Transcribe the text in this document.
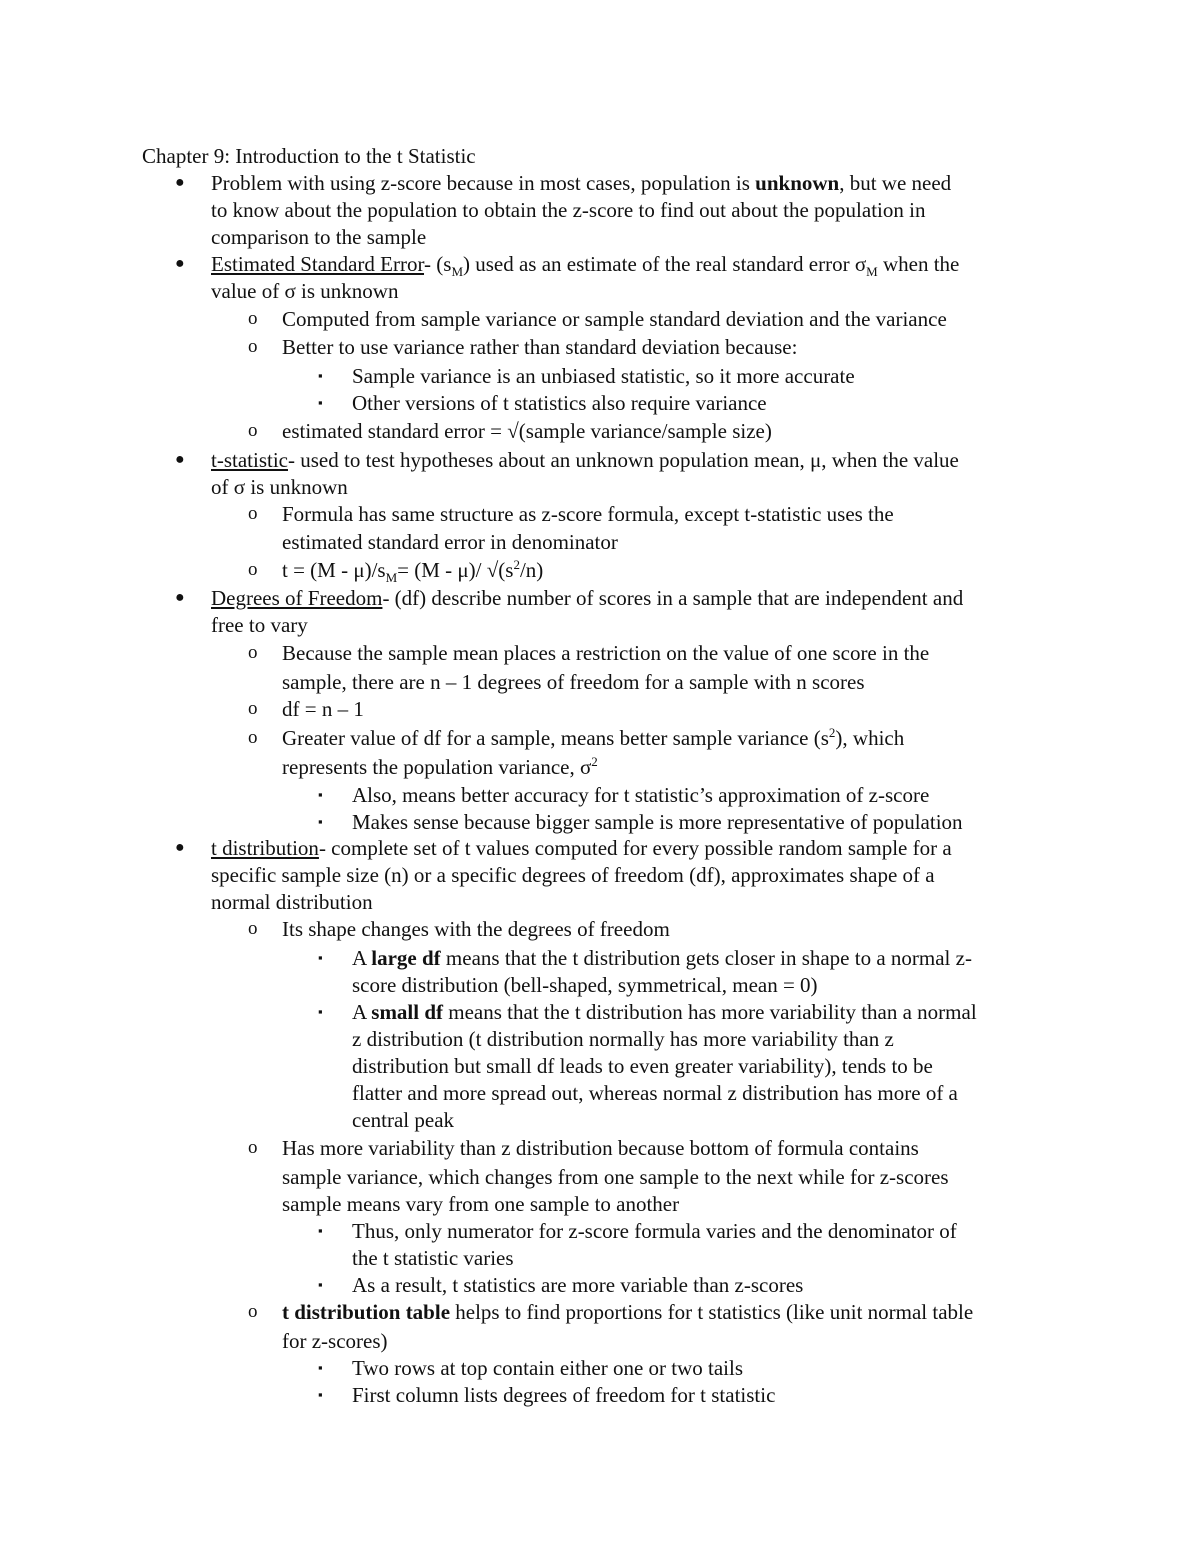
Chapter 9: Introduction to the t Statistic
● Problem with using z-score because in most cases, population is unknown, but we need
to know about the population to obtain the z-score to find out about the population in
comparison to the sample
● Estimated Standard Error- $(s_M)$ used as an estimate of the real standard error $\sigma_M$ when the
value of σ is unknown
o Computed from sample variance or sample standard deviation and the variance
o Better to use variance rather than standard deviation because:
▪ Sample variance is an unbiased statistic, so it more accurate
▪ Other versions of t statistics also require variance
o estimated standard error = √(sample variance/sample size)
● t-statistic- used to test hypotheses about an unknown population mean, μ, when the value
of σ is unknown
o Formula has same structure as z-score formula, except t-statistic uses the
estimated standard error in denominator
o $t = (M - \mu)/s_M= (M - \mu)/$ $√(s^2/n)$
● Degrees of Freedom- (df) describe number of scores in a sample that are independent and
free to vary
o Because the sample mean places a restriction on the value of one score in the
sample, there are n – 1 degrees of freedom for a sample with n scores
o df = n – 1
o Greater value of df for a sample, means better sample variance $(s^2)$, which
represents the population variance, $\sigma^2$
▪ Also, means better accuracy for t statistic’s approximation of z-score
▪ Makes sense because bigger sample is more representative of population
● t distribution- complete set of t values computed for every possible random sample for a
specific sample size (n) or a specific degrees of freedom (df), approximates shape of a
normal distribution
o Its shape changes with the degrees of freedom
▪ A large df means that the t distribution gets closer in shape to a normal z-
score distribution (bell-shaped, symmetrical, mean = 0)
▪ A small df means that the t distribution has more variability than a normal
z distribution (t distribution normally has more variability than z
distribution but small df leads to even greater variability), tends to be
flatter and more spread out, whereas normal z distribution has more of a
central peak
o Has more variability than z distribution because bottom of formula contains
sample variance, which changes from one sample to the next while for z-scores
sample means vary from one sample to another
▪ Thus, only numerator for z-score formula varies and the denominator of
the t statistic varies
▪ As a result, t statistics are more variable than z-scores
o t distribution table helps to find proportions for t statistics (like unit normal table
for z-scores)
▪ Two rows at top contain either one or two tails
▪ First column lists degrees of freedom for t statistic
